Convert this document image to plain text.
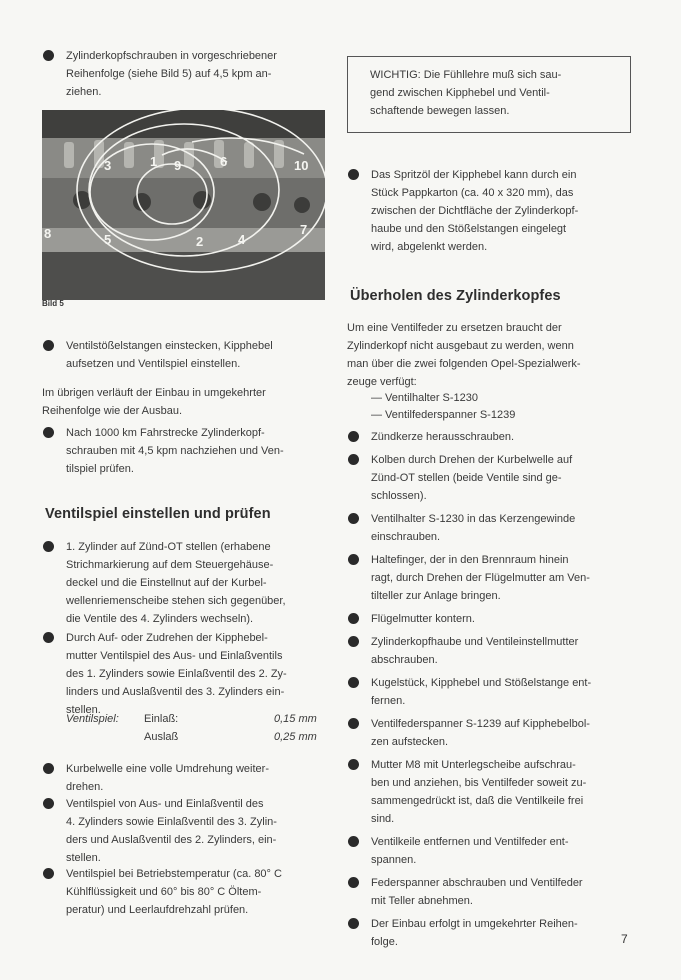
Zylinderkopfschrauben in vorgeschriebener

Reihenfolge (siehe Bild 5) auf 4,5 kpm an-

ziehen.

1
2
3
4
5
6
7
8
9	10
Bild 5

Ventilstößelstangen einstecken, Kipphebel

aufsetzen und Ventilspiel einstellen.

Im übrigen verläuft der Einbau in umgekehrter

Reihenfolge wie der Ausbau.

Nach 1000 km Fahrstrecke Zylinderkopf-

schrauben mit 4,5 kpm nachziehen und Ven-

tilspiel prüfen.

Ventilspiel einstellen und prüfen

1. Zylinder auf Zünd-OT stellen (erhabene

Strichmarkierung auf dem Steuergehäuse-

deckel und die Einstellnut auf der Kurbel-

wellenriemenscheibe stehen sich gegenüber,

die Ventile des 4. Zylinders wechseln).

Durch Auf- oder Zudrehen der Kipphebel-

mutter Ventilspiel des Aus- und Einlaßventils

des 1. Zylinders sowie Einlaßventil des 2. Zy-

linders und Auslaßventil des 3. Zylinders ein-

stellen.

Ventilspiel: Einlaß:	0,15 mm
Auslaß	0,25 mm

Kurbelwelle eine volle Umdrehung weiter-

drehen.

Ventilspiel von Aus- und Einlaßventil des

4. Zylinders sowie Einlaßventil des 3. Zylin-

ders und Auslaßventil des 2. Zylinders, ein-

stellen.

Ventilspiel bei Betriebstemperatur (ca. 80° C

Kühlflüssigkeit und 60° bis 80° C Öltem-

peratur) und Leerlaufdrehzahl prüfen.

WICHTIG: Die Fühllehre muß sich sau-

gend zwischen Kipphebel und Ventil-

schaftende bewegen lassen.

Das Spritzöl der Kipphebel kann durch ein

Stück Pappkarton (ca. 40 x 320 mm), das

zwischen der Dichtfläche der Zylinderkopf-

haube und den Stößelstangen eingelegt

wird, abgelenkt werden.

Überholen des Zylinderkopfes

Um eine Ventilfeder zu ersetzen braucht der

Zylinderkopf nicht ausgebaut zu werden, wenn

man über die zwei folgenden Opel-Spezialwerk-

zeuge verfügt:

— Ventilhalter S-1230
— Ventilfederspanner S-1239

Zündkerze herausschrauben.

Kolben durch Drehen der Kurbelwelle auf

Zünd-OT stellen (beide Ventile sind ge-

schlossen).

Ventilhalter S-1230 in das Kerzengewinde

einschrauben.

Haltefinger, der in den Brennraum hinein

ragt, durch Drehen der Flügelmutter am Ven-

tilteller zur Anlage bringen.

Flügelmutter kontern.

Zylinderkopfhaube und Ventileinstellmutter

abschrauben.

Kugelstück, Kipphebel und Stößelstange ent-

fernen.

Ventilfederspanner S-1239 auf Kipphebelbol-

zen aufstecken.

Mutter M8 mit Unterlegscheibe aufschrau-

ben und anziehen, bis Ventilfeder soweit zu-

sammengedrückt ist, daß die Ventilkeile frei

sind.

Ventilkeile entfernen und Ventilfeder ent-

spannen.

Federspanner abschrauben und Ventilfeder

mit Teller abnehmen.

Der Einbau erfolgt in umgekehrter Reihen-

folge.	7
